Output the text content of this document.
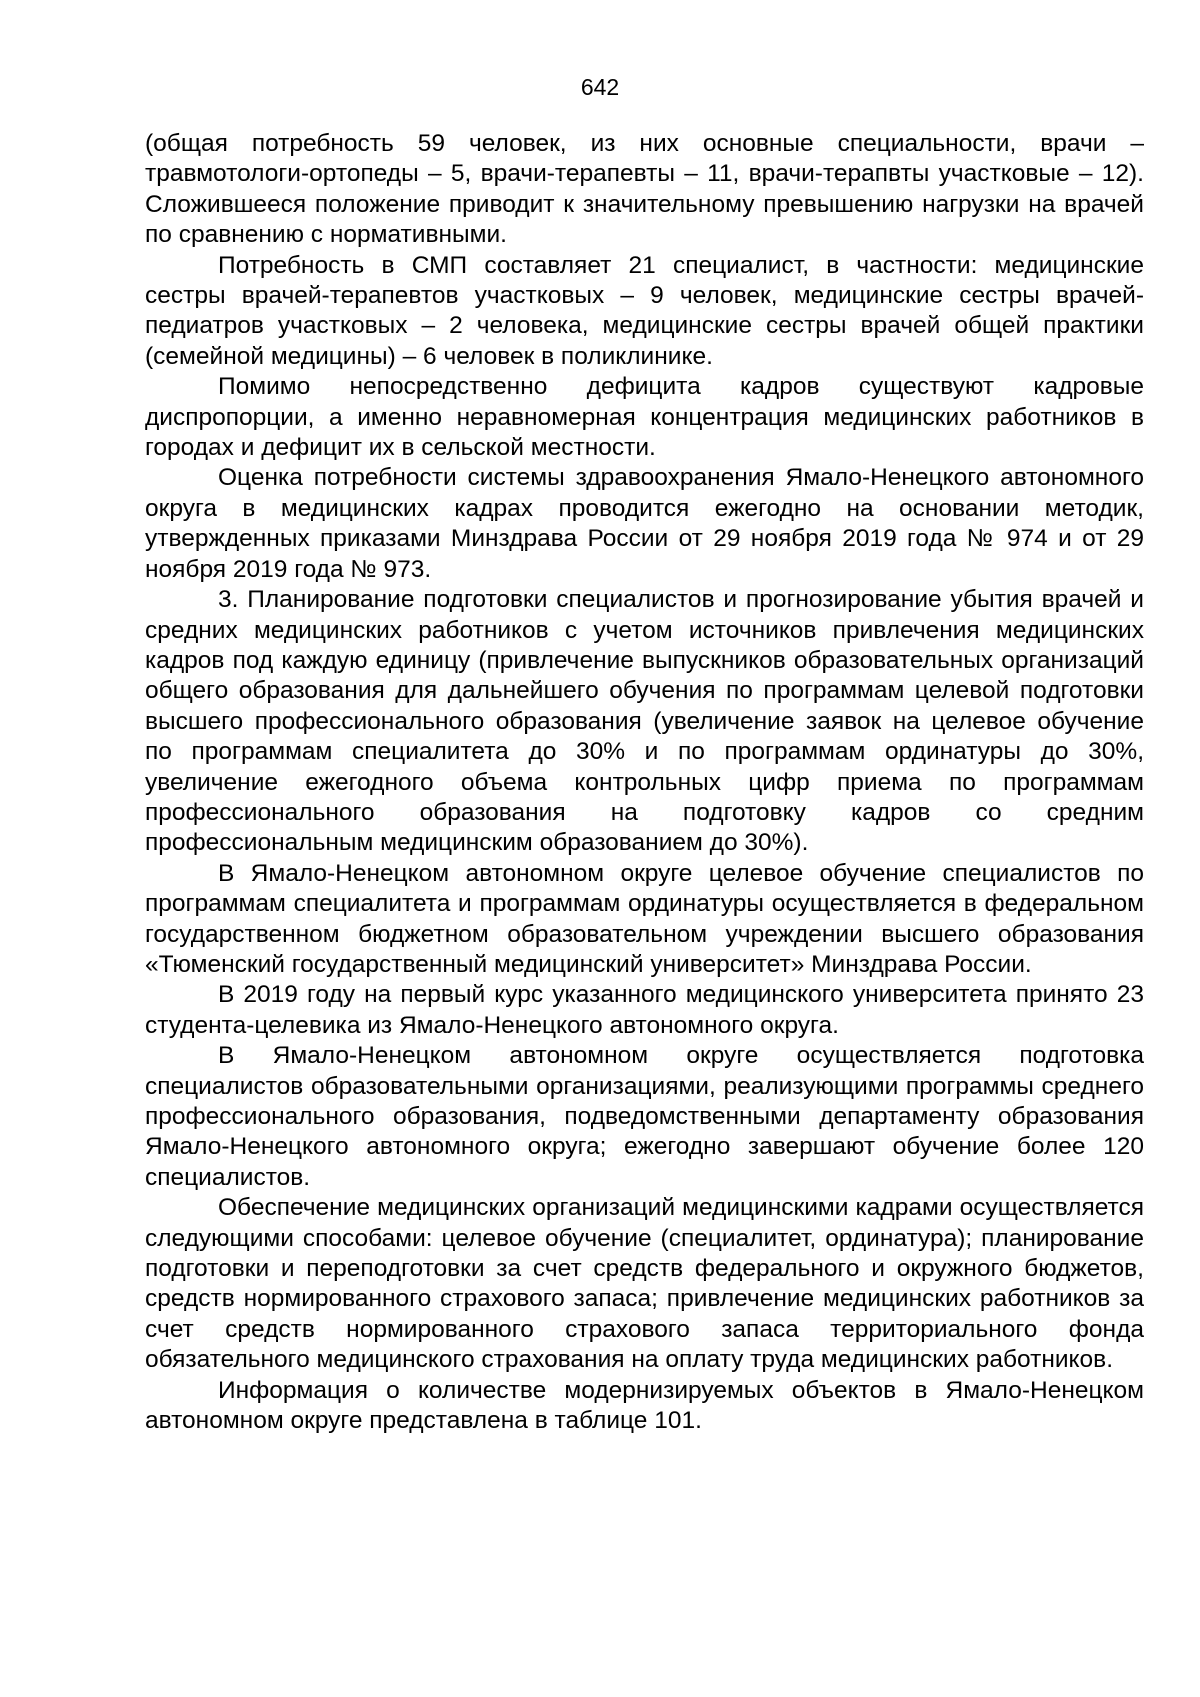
642

(общая потребность 59 человек, из них основные специальности, врачи – травмотологи-ортопеды – 5, врачи-терапевты – 11, врачи-терапвты участковые – 12). Сложившееся положение приводит к значительному превышению нагрузки на врачей по сравнению с нормативными.

Потребность в СМП составляет 21 специалист, в частности: медицинские сестры врачей-терапевтов участковых – 9 человек, медицинские сестры врачей-педиатров участковых – 2 человека, медицинские сестры врачей общей практики (семейной медицины) – 6 человек в поликлинике.

Помимо непосредственно дефицита кадров существуют кадровые диспропорции, а именно неравномерная концентрация медицинских работников в городах и дефицит их в сельской местности.

Оценка потребности системы здравоохранения Ямало-Ненецкого автономного округа в медицинских кадрах проводится ежегодно на основании методик, утвержденных приказами Минздрава России от 29 ноября 2019 года № 974 и от 29 ноября 2019 года № 973.

3. Планирование подготовки специалистов и прогнозирование убытия врачей и средних медицинских работников с учетом источников привлечения медицинских кадров под каждую единицу (привлечение выпускников образовательных организаций общего образования для дальнейшего обучения по программам целевой подготовки высшего профессионального образования (увеличение заявок на целевое обучение по программам специалитета до 30% и по программам ординатуры до 30%, увеличение ежегодного объема контрольных цифр приема по программам профессионального образования на подготовку кадров со средним профессиональным медицинским образованием до 30%).

В Ямало-Ненецком автономном округе целевое обучение специалистов по программам специалитета и программам ординатуры осуществляется в федеральном государственном бюджетном образовательном учреждении высшего образования «Тюменский государственный медицинский университет» Минздрава России.

В 2019 году на первый курс указанного медицинского университета принято 23 студента-целевика из Ямало-Ненецкого автономного округа.

В Ямало-Ненецком автономном округе осуществляется подготовка специалистов образовательными организациями, реализующими программы среднего профессионального образования, подведомственными департаменту образования Ямало-Ненецкого автономного округа; ежегодно завершают обучение более 120 специалистов.

Обеспечение медицинских организаций медицинскими кадрами осуществляется следующими способами: целевое обучение (специалитет, ординатура); планирование подготовки и переподготовки за счет средств федерального и окружного бюджетов, средств нормированного страхового запаса; привлечение медицинских работников за счет средств нормированного страхового запаса территориального фонда обязательного медицинского страхования на оплату труда медицинских работников.

Информация о количестве модернизируемых объектов в Ямало-Ненецком автономном округе представлена в таблице 101.
